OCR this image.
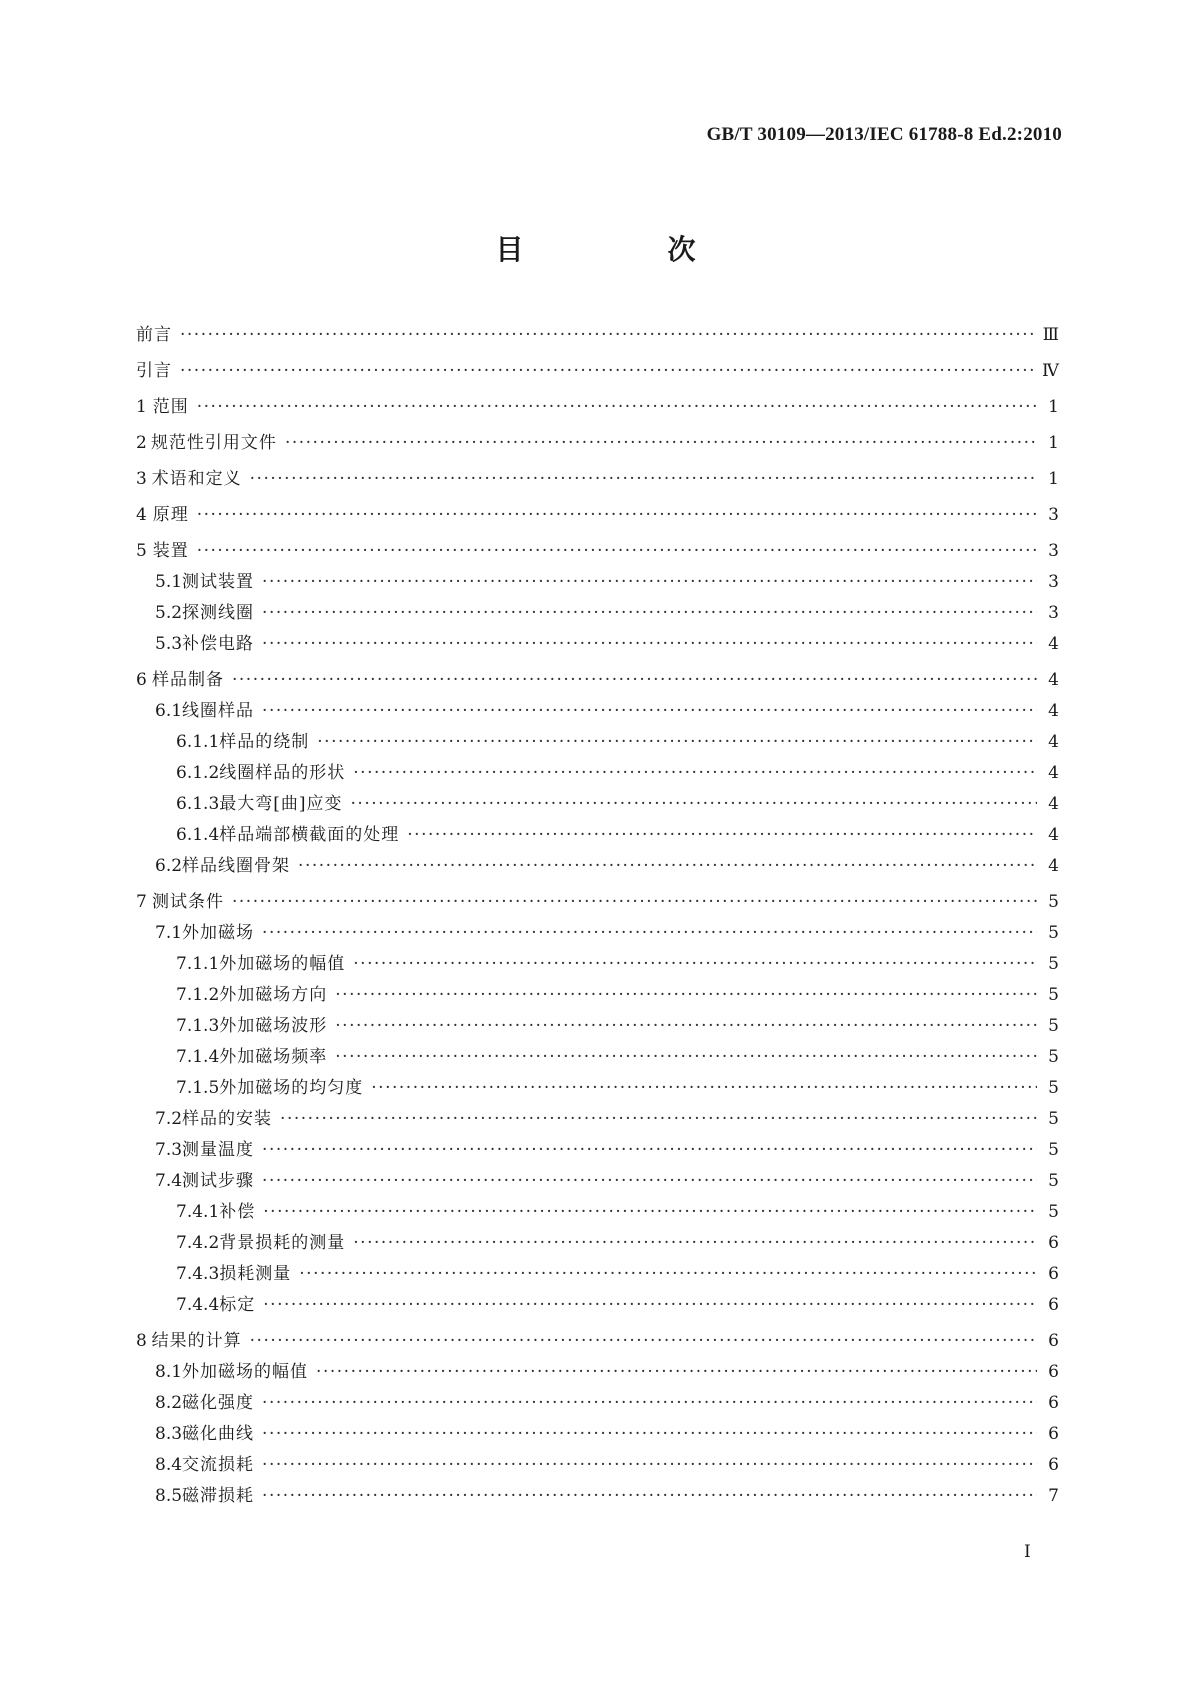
GB/T 30109—2013/IEC 61788-8 Ed.2:2010
目　次
前言 ·····	Ⅲ
引言 ·····	Ⅳ
1 范围 ·····	1
2 规范性引用文件 ·····	1
3 术语和定义 ·····	1
4 原理 ·····	3
5 装置 ·····	3
5.1 测试装置 ·····	3
5.2 探测线圈 ·····	3
5.3 补偿电路 ·····	4
6 样品制备 ·····	4
6.1 线圈样品 ·····	4
6.1.1 样品的绕制 ·····	4
6.1.2 线圈样品的形状 ·····	4
6.1.3 最大弯[曲]应变 ·····	4
6.1.4 样品端部横截面的处理 ·····	4
6.2 样品线圈骨架 ·····	4
7 测试条件 ·····	5
7.1 外加磁场 ·····	5
7.1.1 外加磁场的幅值 ·····	5
7.1.2 外加磁场方向 ·····	5
7.1.3 外加磁场波形 ·····	5
7.1.4 外加磁场频率 ·····	5
7.1.5 外加磁场的均匀度 ·····	5
7.2 样品的安装 ·····	5
7.3 测量温度 ·····	5
7.4 测试步骤 ·····	5
7.4.1 补偿 ·····	5
7.4.2 背景损耗的测量 ·····	6
7.4.3 损耗测量 ·····	6
7.4.4 标定 ·····	6
8 结果的计算 ·····	6
8.1 外加磁场的幅值 ·····	6
8.2 磁化强度 ·····	6
8.3 磁化曲线 ·····	6
8.4 交流损耗 ·····	6
8.5 磁滞损耗 ·····	7
I
